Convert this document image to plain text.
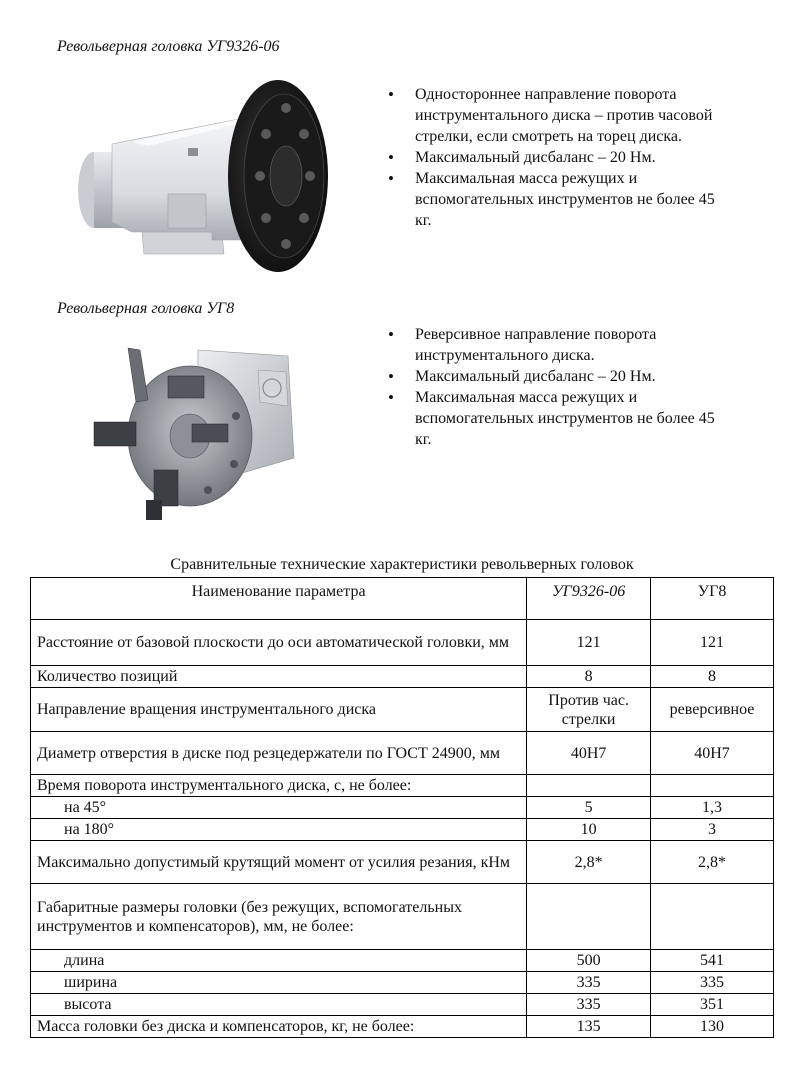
Револьверная головка УГ9326-06
• Одностороннее направление поворота инструментального диска – против часовой стрелки, если смотреть на торец диска.
• Максимальный дисбаланс – 20 Нм.
• Максимальная масса режущих и вспомогательных инструментов не более 45 кг.
Револьверная головка УГ8
• Реверсивное направление поворота инструментального диска.
• Максимальный дисбаланс – 20 Нм.
• Максимальная масса режущих и вспомогательных инструментов не более 45 кг.
Сравнительные технические характеристики револьверных головок
Наименование параметра	УГ9326-06	УГ8
Расстояние от базовой плоскости до оси автоматической головки, мм	121	121
Количество позиций	8	8
Направление вращения инструментального диска	Против час. стрелки	реверсивное
Диаметр отверстия в диске под резцедержатели по ГОСТ 24900, мм	40H7	40H7
Время поворота инструментального диска, с, не более:		
на 45°	5	1,3
на 180°	10	3
Максимально допустимый крутящий момент от усилия резания, кНм	2,8*	2,8*
Габаритные размеры головки (без режущих, вспомогательных инструментов и компенсаторов), мм, не более:		
длина	500	541
ширина	335	335
высота	335	351
Масса головки без диска и компенсаторов, кг, не более:	135	130
